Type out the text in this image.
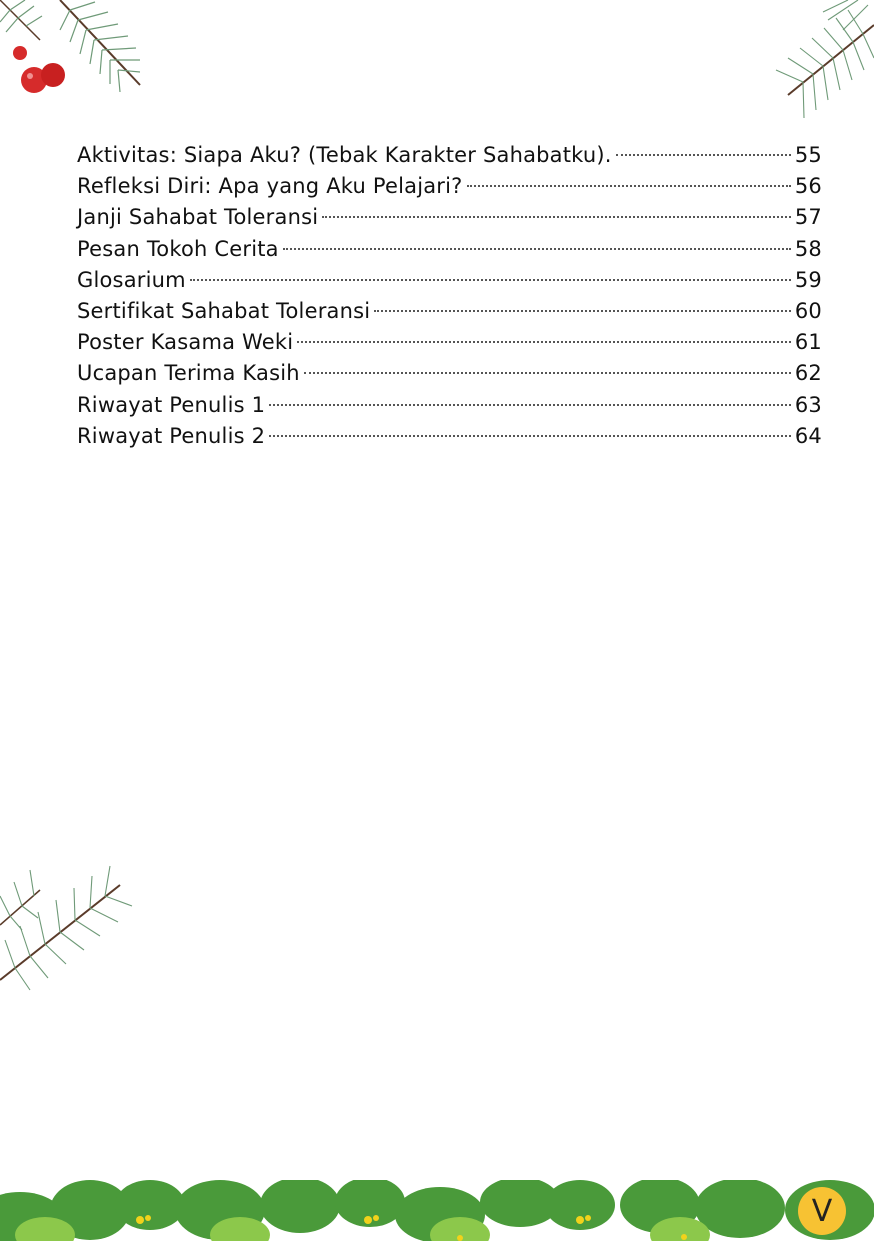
Aktivitas: Siapa Aku? (Tebak Karakter Sahabatku).	55
Refleksi Diri: Apa yang Aku Pelajari?	56
Janji Sahabat Toleransi	57
Pesan Tokoh Cerita	58
Glosarium	59
Sertifikat Sahabat Toleransi	60
Poster Kasama Weki	61
Ucapan Terima Kasih	62
Riwayat Penulis 1	63
Riwayat Penulis 2	64
V
